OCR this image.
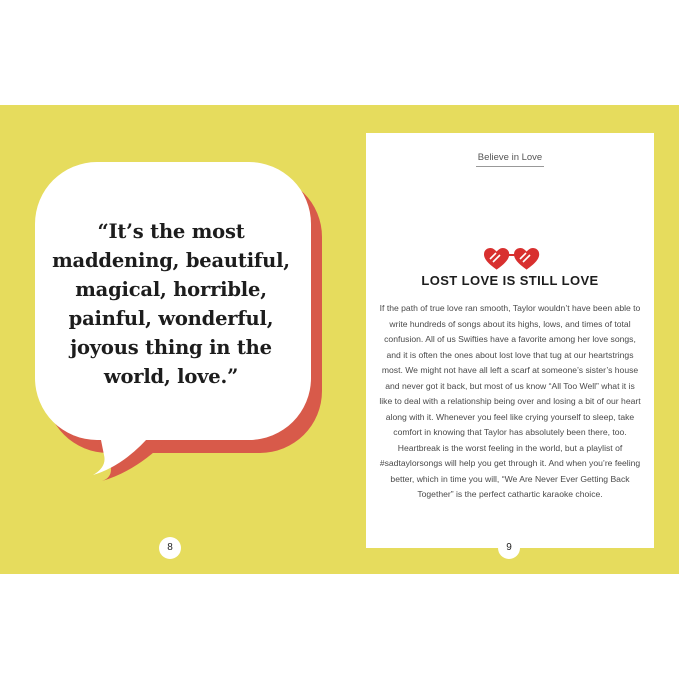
“It’s the most maddening, beautiful, magical, horrible, painful, wonderful, joyous thing in the world, love.”
8
Believe in Love
LOST LOVE IS STILL LOVE
If the path of true love ran smooth, Taylor wouldn’t have been able to write hundreds of songs about its highs, lows, and times of total confusion. All of us Swifties have a favorite among her love songs, and it is often the ones about lost love that tug at our heartstrings most. We might not have all left a scarf at someone’s sister’s house and never got it back, but most of us know “All Too Well” what it is like to deal with a relationship being over and losing a bit of our heart along with it. Whenever you feel like crying yourself to sleep, take comfort in knowing that Taylor has absolutely been there, too. Heartbreak is the worst feeling in the world, but a playlist of #sadtaylorsongs will help you get through it. And when you’re feeling better, which in time you will, “We Are Never Ever Getting Back Together” is the perfect cathartic karaoke choice.
9
